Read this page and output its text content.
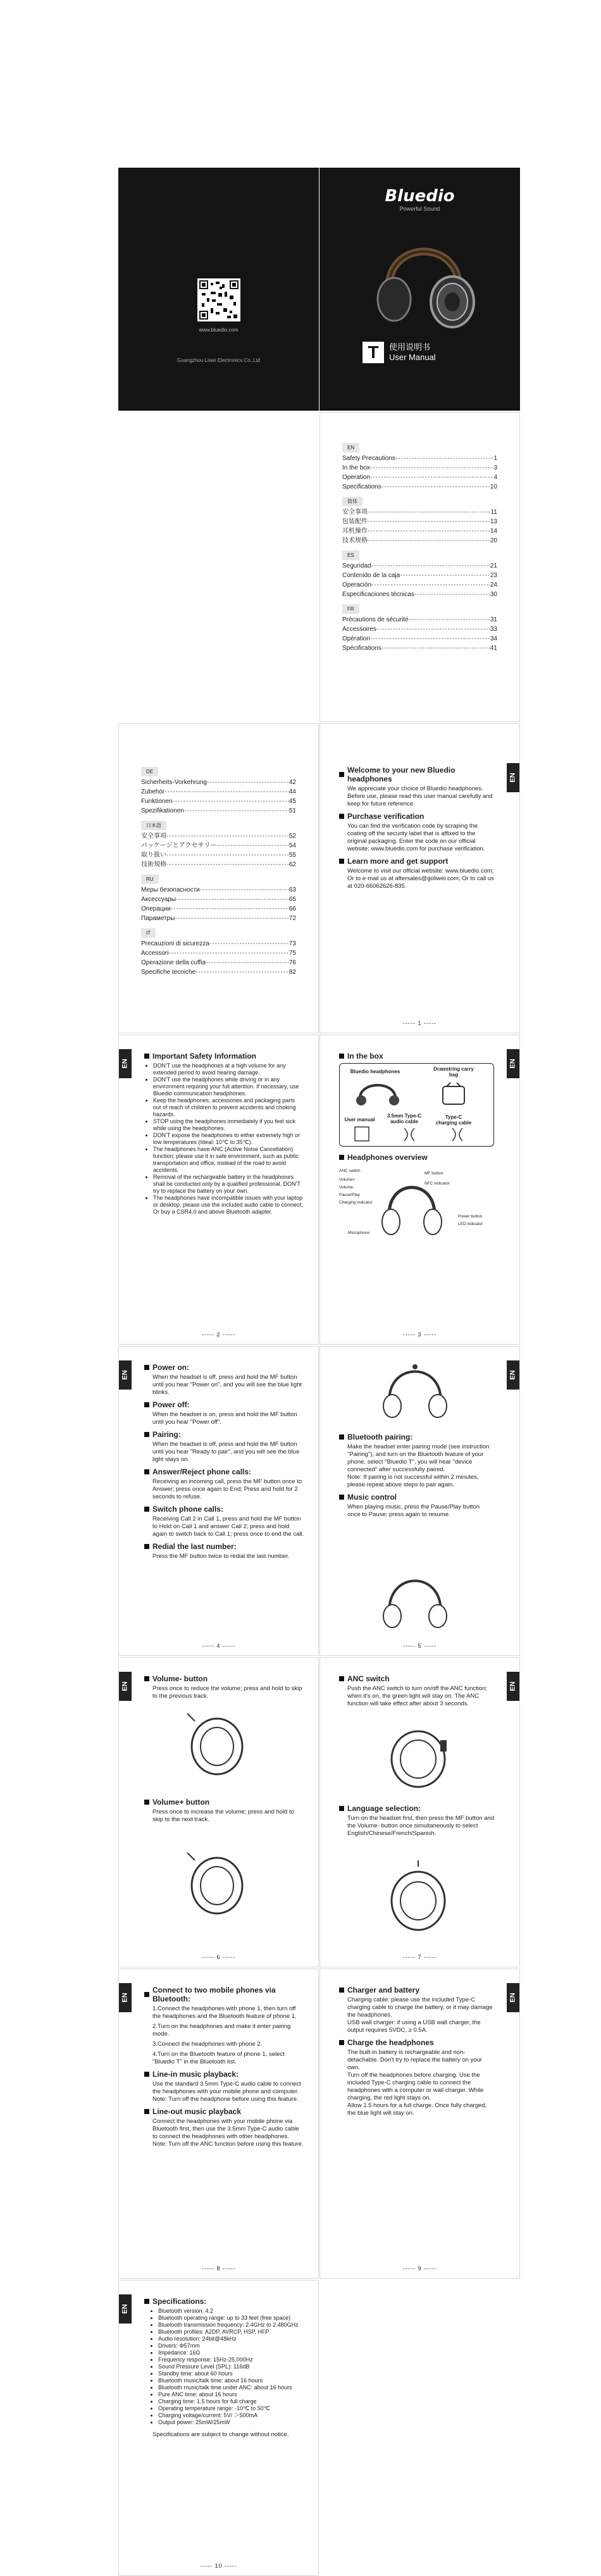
www.bluedio.com
Guangzhou Liwei Electronics Co.,Ltd
Bluedio
Powerful Sound
T	使用说明书
User Manual
EN
Safety Precautions -----	1
In the box -----	3
Operation -----	4
Specifications -----	10
简体
安全事项 -----	11
包装配件 -----	13
耳机操作 -----	14
技术规格 -----	20
ES
Seguridad -----	21
Contenido de la caja -----	23
Operación -----	24
Especificaciones técnicas -----	30
FR
Précautions de sécurité -----	31
Accessoires -----	33
Opération -----	34
Spécifications -----	41
DE
Sicherheits-Vorkehrung -----	42
Zubehör -----	44
Funktionen -----	45
Spezifikationen -----	51
日本語
安全事項 -----	52
パッケージとアクセサリー -----	54
取り扱い -----	55
技術規格 -----	62
RU
Меры безопасности -----	63
Аксессуары -----	65
Операции -----	66
Параметры -----	72
IT
Precauzioni di sicurezza -----	73
Accessori -----	75
Operazione della cuffia -----	76
Specifiche tecniche -----	82
EN
Welcome to your new Bluedio headphones
We appreciate your choice of Bluedio headphones. Before use, please read this user manual carefully and keep for future reference.
Purchase verification
You can find the verification code by scraping the coating off the security label that is affixed to the original packaging. Enter the code on our official website: www.bluedio.com for purchase verification.
Learn more and get support
Welcome to visit our official website: www.bluedio.com; Or to e-mail us at aftersales@goliwei.com; Or to call us at 020-66062626-835.
----- 1 -----
EN
Important Safety Information
• DON'T use the headphones at a high volume for any extended period to avoid hearing damage.
• DON'T use the headphones while driving or in any environment requiring your full attention. If necessary, use Bluedio communication headphones.
• Keep the headphones, accessories and packaging parts out of reach of children to prevent accidents and choking hazards.
• STOP using the headphones immediately if you feel sick while using the headphones.
• DON'T expose the headphones to either extremely high or low temperatures (Ideal: 10℃ to 35℃).
• The headphones have ANC (Active Noise Cancellation) function; please use it in safe environment, such as public transportation and office, instead of the road to avoid accidents.
• Removal of the rechargeable battery in the headphones shall be conducted only by a qualified professional. DON'T try to replace the battery on your own.
• The headphones have incompatible issues with your laptop or desktop, please use the included audio cable to connect; Or buy a CSR4.0 and above Bluetooth adapter.
----- 2 -----
EN
In the box
Bluedio headphones	Drawstring carry bag
User manual
3.5mm Type-C audio cable
Type-C charging cable
Headphones overview
ANC switch
Volume+
Volume-
Pause/Play
Charging indicator
MF button
NFC indicator
Power button
LED indicator
Microphone
----- 3 -----
EN
Power on:
When the headset is off, press and hold the MF button until you hear "Power on", and you will see the blue light blinks.
Power off:
When the headset is on, press and hold the MF button until you hear "Power off".
Pairing:
When the headset is off, press and hold the MF button until you hear "Ready to pair", and you will see the blue light stays on.
Answer/Reject phone calls:
Receiving an incoming call, press the MF button once to Answer; press once again to End; Press and hold for 2 seconds to refuse.
Switch phone calls:
Receiving Call 2 in Call 1, press and hold the MF button to Hold on Call 1 and answer Call 2; press and hold again to switch back to Call 1; press once to end the call.
Redial the last number:
Press the MF button twice to redial the last number.
----- 4 -----
EN
Bluetooth pairing:
Make the headset enter pairing mode (see instruction "Pairing"), and turn on the Bluetooth feature of your phone, select "Bluedio T", you will hear "device connected" after successfully paired.
Note: If pairing is not successful within 2 minutes, please repeat above steps to pair again.
Music control
When playing music, press the Pause/Play button once to Pause; press again to resume.
----- 5 -----
EN
Volume- button
Press once to reduce the volume; press and hold to skip to the previous track.
Volume+ button
Press once to increase the volume; press and hold to skip to the next track.
----- 6 -----
EN
ANC switch
Push the ANC switch to turn on/off the ANC function; when it's on, the green light will stay on. The ANC function will take effect after about 3 seconds.
Language selection:
Turn on the headset first, then press the MF button and the Volume- button once simultaneously to select English/Chinese/French/Spanish.
----- 7 -----
EN
Connect to two mobile phones via Bluetooth:
1.Connect the headphones with phone 1, then turn off the headphones and the Bluetooth feature of phone 1.
2.Turn on the headphones and make it enter pairing mode.
3.Connect the headphones with phone 2.
4.Turn on the Bluetooth feature of phone 1, select "Bluedio T" in the Bluetooth list.
Line-in music playback:
Use the standard 3.5mm Type-C audio cable to connect the headphones with your mobile phone and computer.
Note: Turn off the headphone before using this feature.
Line-out music playback
Connect the headphones with your mobile phone via Bluetooth first, then use the 3.5mm Type-C audio cable to connect the headphones with other headphones.
Note: Turn off the ANC function before using this feature.
----- 8 -----
EN
Charger and battery
Charging cable: please use the included Type-C charging cable to charge the battery, or it may damage the headphones.
USB wall charger: if using a USB wall charger, the output requires 5VDC, ≥ 0.5A.
Charge the headphones
The built-in battery is rechargeable and non-detachable. Don't try to replace the battery on your own.
Turn off the headphones before charging. Use the included Type-C charging cable to connect the headphones with a computer or wall charger. While charging, the red light stays on.
Allow 1.5 hours for a full charge. Once fully charged, the blue light will stay on.
----- 9 -----
EN
Specifications:
• Bluetooth version: 4.2
• Bluetooth operating range: up to 33 feet (free space)
• Bluetooth transmission frequency: 2.4GHz to 2.480GHz
• Bluetooth profiles: A2DP, AVRCP, HSP, HFP
• Audio resolution: 24bit@48kHz
• Drivers: Φ57mm
• Impedance: 16Ω
• Frequency response: 15Hz-25,000Hz
• Sound Pressure Level (SPL): 116dB
• Standby time: about 60 hours
• Bluetooth music/talk time: about 16 hours
• Bluetooth music/talk time under ANC: about 16 hours
• Pure ANC time: about 16 hours
• Charging time: 1.5 hours for full charge
• Operating temperature range: -10℃ to 50℃
• Charging voltage/current: 5V/ ＞500mA
• Output power: 25mW/25mW
Specifications are subject to change without notice.
----- 10 -----
